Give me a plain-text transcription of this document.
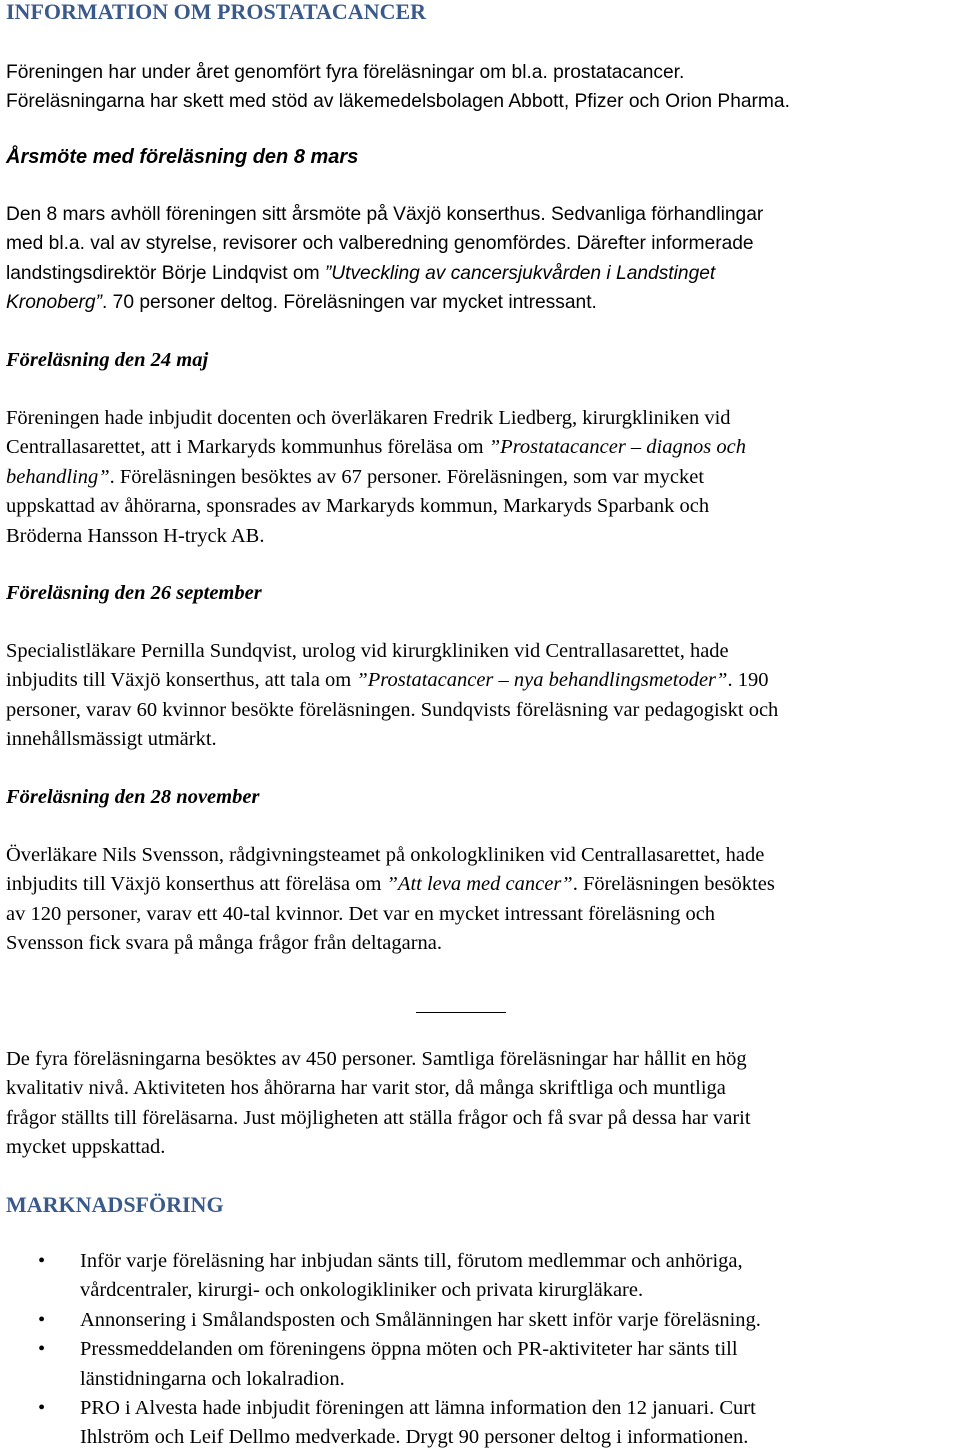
INFORMATION OM PROSTATACANCER
Föreningen har under året genomfört fyra föreläsningar om bl.a. prostatacancer.
Föreläsningarna har skett med stöd av läkemedelsbolagen Abbott, Pfizer och Orion Pharma.
Årsmöte med föreläsning den 8 mars
Den 8 mars avhöll föreningen sitt årsmöte på Växjö konserthus. Sedvanliga förhandlingar
med bl.a. val av styrelse, revisorer och valberedning genomfördes. Därefter informerade
landstingsdirektör Börje Lindqvist om ”Utveckling av cancersjukvården i Landstinget
Kronoberg”. 70 personer deltog. Föreläsningen var mycket intressant.
Föreläsning den 24 maj
Föreningen hade inbjudit docenten och överläkaren Fredrik Liedberg, kirurgkliniken vid
Centrallasarettet, att i Markaryds kommunhus föreläsa om ”Prostatacancer – diagnos och
behandling”. Föreläsningen besöktes av 67 personer. Föreläsningen, som var mycket
uppskattad av åhörarna, sponsrades av Markaryds kommun, Markaryds Sparbank och
Bröderna Hansson H-tryck AB.
Föreläsning den 26 september
Specialistläkare Pernilla Sundqvist, urolog vid kirurgkliniken vid Centrallasarettet, hade
inbjudits till Växjö konserthus, att tala om ”Prostatacancer – nya behandlingsmetoder”. 190
personer, varav 60 kvinnor besökte föreläsningen. Sundqvists föreläsning var pedagogiskt och
innehållsmässigt utmärkt.
Föreläsning den 28 november
Överläkare Nils Svensson, rådgivningsteamet på onkologkliniken vid Centrallasarettet, hade
inbjudits till Växjö konserthus att föreläsa om ”Att leva med cancer”. Föreläsningen besöktes
av 120 personer, varav ett 40-tal kvinnor. Det var en mycket intressant föreläsning och
Svensson fick svara på många frågor från deltagarna.
De fyra föreläsningarna besöktes av 450 personer. Samtliga föreläsningar har hållit en hög
kvalitativ nivå. Aktiviteten hos åhörarna har varit stor, då många skriftliga och muntliga
frågor ställts till föreläsarna. Just möjligheten att ställa frågor och få svar på dessa har varit
mycket uppskattad.
MARKNADSFÖRING
• Inför varje föreläsning har inbjudan sänts till, förutom medlemmar och anhöriga,
vårdcentraler, kirurgi- och onkologikliniker och privata kirurgläkare.
• Annonsering i Smålandsposten och Smålänningen har skett inför varje föreläsning.
• Pressmeddelanden om föreningens öppna möten och PR-aktiviteter har sänts till
länstidningarna och lokalradion.
• PRO i Alvesta hade inbjudit föreningen att lämna information den 12 januari. Curt
Ihlström och Leif Dellmo medverkade. Drygt 90 personer deltog i informationen.
